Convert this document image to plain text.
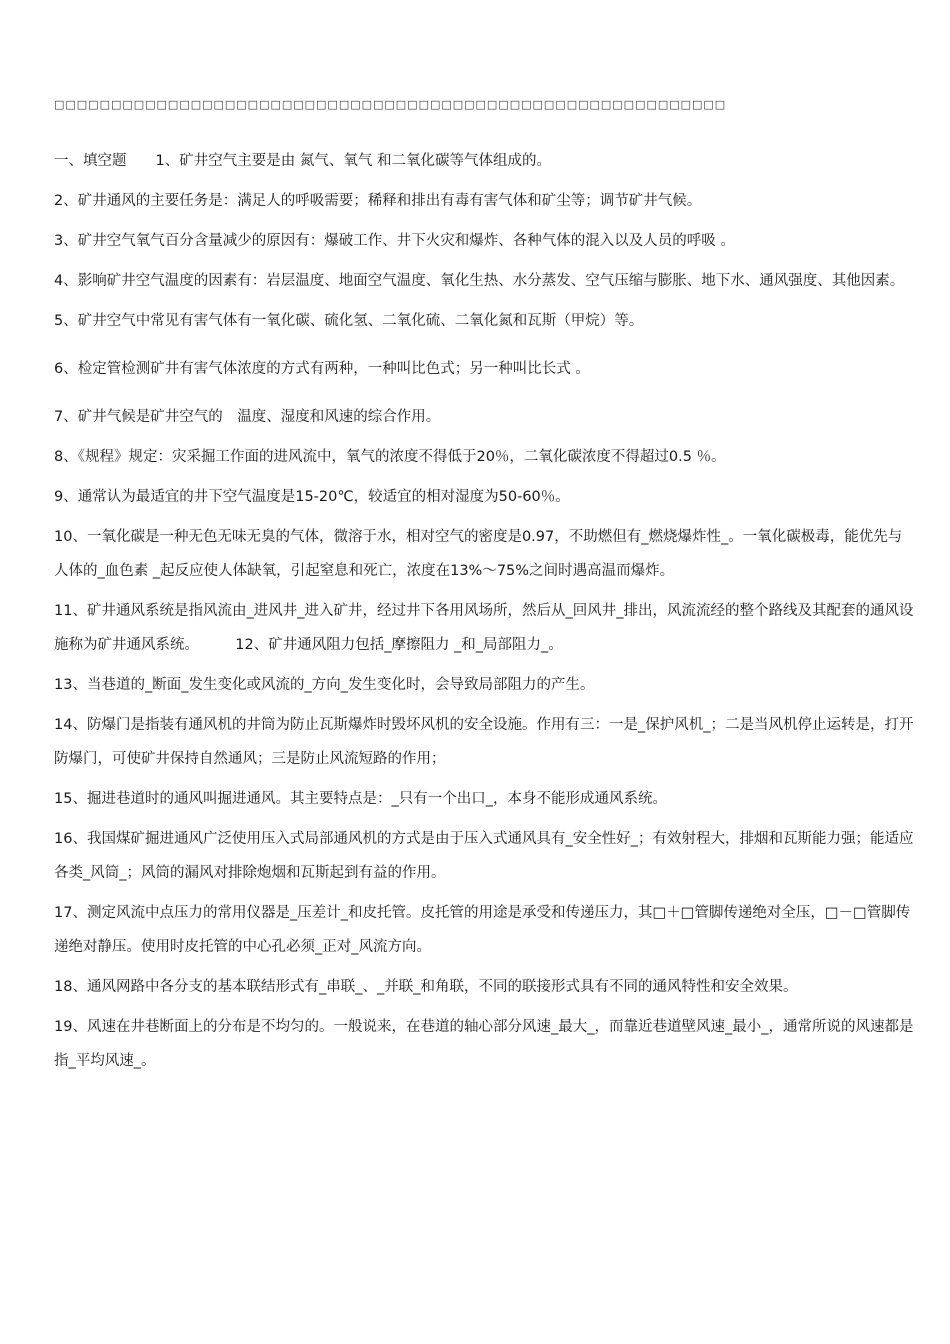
□□□□□□□□□□□□□□□□□□□□□□□□□□□□□□□□□□□□□□□□□□□□□□□□□□□□□□□□□□□

一、填空题　　1、矿井空气主要是由 氮气、氧气 和二氧化碳等气体组成的。

2、矿井通风的主要任务是：满足人的呼吸需要；稀释和排出有毒有害气体和矿尘等；调节矿井气候。

3、矿井空气氧气百分含量减少的原因有：爆破工作、井下火灾和爆炸、各种气体的混入以及人员的呼吸 。

4、影响矿井空气温度的因素有：岩层温度、地面空气温度、氧化生热、水分蒸发、空气压缩与膨胀、地下水、通风强度、其他因素。

5、矿井空气中常见有害气体有一氧化碳、硫化氢、二氧化硫、二氧化氮和瓦斯（甲烷）等。

6、检定管检测矿井有害气体浓度的方式有两种，一种叫比色式；另一种叫比长式 。

7、矿井气候是矿井空气的　温度、湿度和风速的综合作用。

8、《规程》规定：灾采掘工作面的进风流中，氧气的浓度不得低于20％，二氧化碳浓度不得超过0.5 ％。

9、通常认为最适宜的井下空气温度是15-20℃，较适宜的相对湿度为50-60％。

10、一氧化碳是一种无色无味无臭的气体，微溶于水，相对空气的密度是0.97，不助燃但有_燃烧爆炸性_。一氧化碳极毒，能优先与人体的_血色素 _起反应使人体缺氧，引起窒息和死亡，浓度在13%～75%之间时遇高温而爆炸。

11、矿井通风系统是指风流由_进风井_进入矿井，经过井下各用风场所，然后从_回风井_排出，风流流经的整个路线及其配套的通风设施称为矿井通风系统。　　　12、矿井通风阻力包括_摩擦阻力 _和_局部阻力_。

13、当巷道的_断面_发生变化或风流的_方向_发生变化时，会导致局部阻力的产生。

14、防爆门是指装有通风机的井筒为防止瓦斯爆炸时毁坏风机的安全设施。作用有三：一是_保护风机_；二是当风机停止运转是，打开防爆门，可使矿井保持自然通风；三是防止风流短路的作用；

15、掘进巷道时的通风叫掘进通风。其主要特点是：_只有一个出口_，本身不能形成通风系统。

16、我国煤矿掘进通风广泛使用压入式局部通风机的方式是由于压入式通风具有_安全性好_；有效射程大，排烟和瓦斯能力强；能适应各类_风筒_；风筒的漏风对排除炮烟和瓦斯起到有益的作用。

17、测定风流中点压力的常用仪器是_压差计_和皮托管。皮托管的用途是承受和传递压力，其□＋□管脚传递绝对全压，□－□管脚传递绝对静压。使用时皮托管的中心孔必须_正对_风流方向。

18、通风网路中各分支的基本联结形式有_串联_、_并联_和角联，不同的联接形式具有不同的通风特性和安全效果。

19、风速在井巷断面上的分布是不均匀的。一般说来，在巷道的轴心部分风速_最大_，而靠近巷道壁风速_最小_，通常所说的风速都是指_平均风速_。
